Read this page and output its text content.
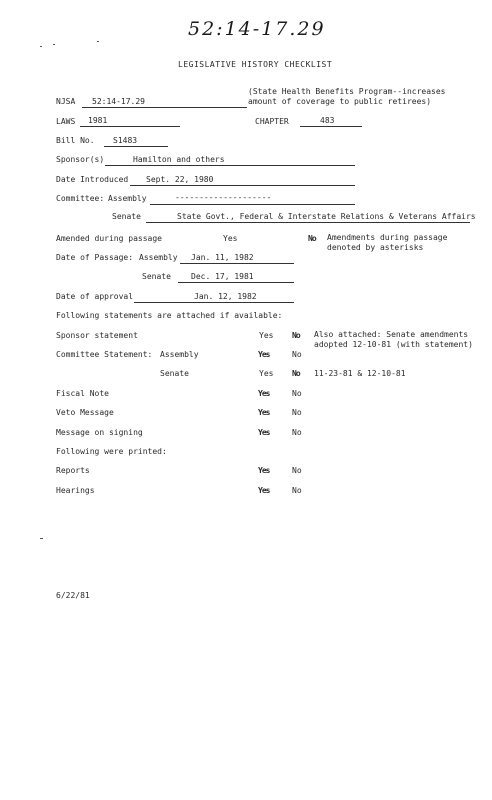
52:14-17.29
LEGISLATIVE HISTORY CHECKLIST
NJSA 52:14-17.29
(State Health Benefits Program--increases
amount of coverage to public retirees)
LAWS 1981	CHAPTER	483
Bill No. S1483
Sponsor(s)	Hamilton and others
Date Introduced Sept. 22, 1980
Committee: Assembly	--------------------
Senate	State Govt., Federal & Interstate Relations & Veterans Affairs
Amended during passage	Yes	No Amendments during passage
denoted by asterisks
Date of Passage: Assembly Jan. 11, 1982
Senate	Dec. 17, 1981
Date of approval	Jan. 12, 1982
Following statements are attached if available:
Sponsor statement	Yes No Also attached: Senate amendments
adopted 12-10-81 (with statement)
Committee Statement: Assembly	Yes	No
Senate	Yes No 11-23-81 & 12-10-81
Fiscal Note	Yes	No
Veto Message	Yes	No
Message on signing	Yes	No
Following were printed:
Reports	Yes	No
Hearings	Yes	No
6/22/81
